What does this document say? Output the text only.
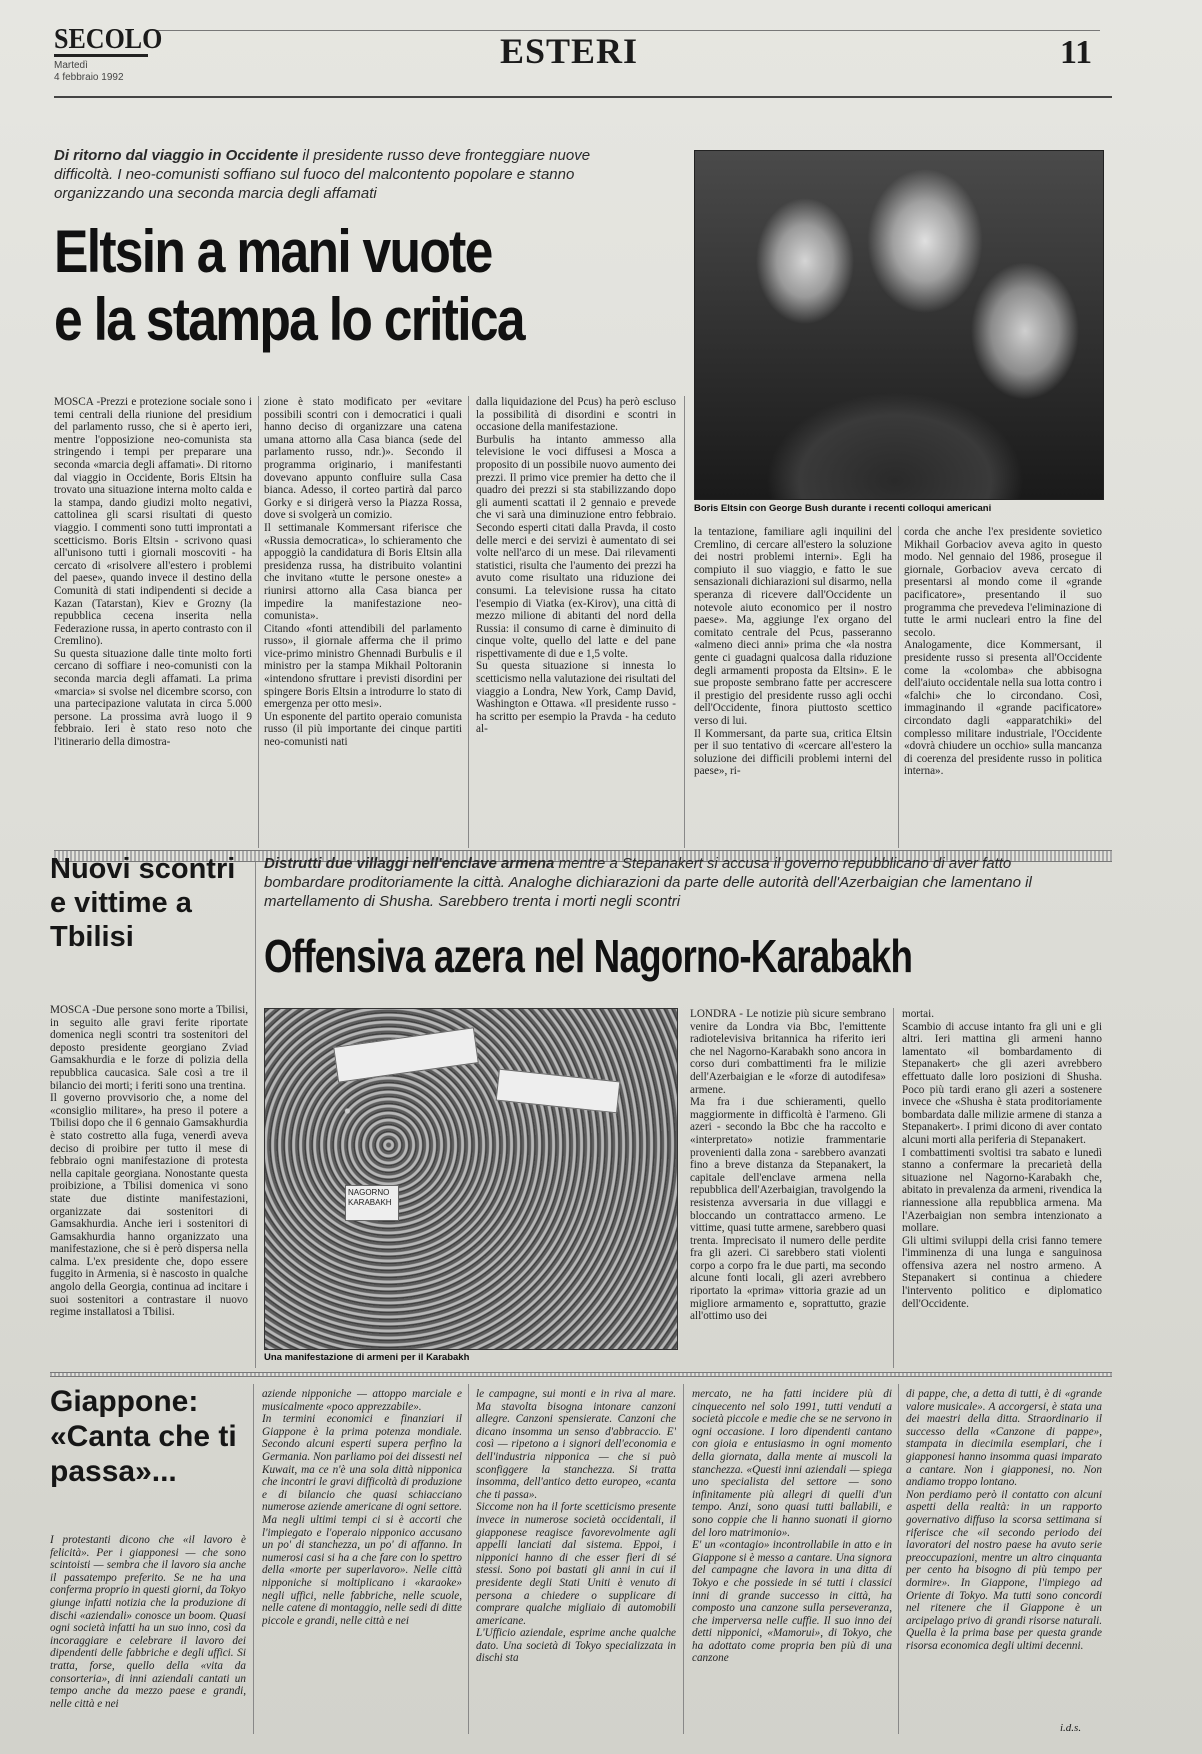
SECOLO
Martedì
4 febbraio 1992
ESTERI	11
Di ritorno dal viaggio in Occidente il presidente russo deve fronteggiare nuove difficoltà. I neo-comunisti soffiano sul fuoco del malcontento popolare e stanno organizzando una seconda marcia degli affamati
Eltsin a mani vuote
e la stampa lo critica
Boris Eltsin con George Bush durante i recenti colloqui americani
MOSCA -Prezzi e protezione sociale sono i temi centrali della riunione del presidium del parlamento russo, che si è aperto ieri, mentre l'opposizione neo-comunista sta stringendo i tempi per preparare una seconda «marcia degli affamati». Di ritorno dal viaggio in Occidente, Boris Eltsin ha trovato una situazione interna molto calda e la stampa, dando giudizi molto negativi, cattolinea gli scarsi risultati di questo viaggio. I commenti sono tutti improntati a scetticismo. Boris Eltsin - scrivono quasi all'unisono tutti i giornali moscoviti - ha cercato di «risolvere all'estero i problemi del paese», quando invece il destino della Comunità di stati indipendenti si decide a Kazan (Tatarstan), Kiev e Grozny (la repubblica cecena inserita nella Federazione russa, in aperto contrasto con il Cremlino).
Su questa situazione dalle tinte molto forti cercano di soffiare i neo-comunisti con la seconda marcia degli affamati. La prima «marcia» si svolse nel dicembre scorso, con una partecipazione valutata in circa 5.000 persone. La prossima avrà luogo il 9 febbraio. Ieri è stato reso noto che l'itinerario della dimostra-
zione è stato modificato per «evitare possibili scontri con i democratici i quali hanno deciso di organizzare una catena umana attorno alla Casa bianca (sede del parlamento russo, ndr.)». Secondo il programma originario, i manifestanti dovevano appunto confluire sulla Casa bianca. Adesso, il corteo partirà dal parco Gorky e si dirigerà verso la Piazza Rossa, dove si svolgerà un comizio.
Il settimanale Kommersant riferisce che «Russia democratica», lo schieramento che appoggiò la candidatura di Boris Eltsin alla presidenza russa, ha distribuito volantini che invitano «tutte le persone oneste» a riunirsi attorno alla Casa bianca per impedire la manifestazione neo-comunista».
Citando «fonti attendibili del parlamento russo», il giornale afferma che il primo vice-primo ministro Ghennadi Burbulis e il ministro per la stampa Mikhail Poltoranin «intendono sfruttare i previsti disordini per spingere Boris Eltsin a introdurre lo stato di emergenza per otto mesi».
Un esponente del partito operaio comunista russo (il più importante dei cinque partiti neo-comunisti nati
dalla liquidazione del Pcus) ha però escluso la possibilità di disordini e scontri in occasione della manifestazione.
Burbulis ha intanto ammesso alla televisione le voci diffusesi a Mosca a proposito di un possibile nuovo aumento dei prezzi. Il primo vice premier ha detto che il quadro dei prezzi si sta stabilizzando dopo gli aumenti scattati il 2 gennaio e prevede che vi sarà una diminuzione entro febbraio. Secondo esperti citati dalla Pravda, il costo delle merci e dei servizi è aumentato di sei volte nell'arco di un mese. Dai rilevamenti statistici, risulta che l'aumento dei prezzi ha avuto come risultato una riduzione dei consumi. La televisione russa ha citato l'esempio di Viatka (ex-Kirov), una città di mezzo milione di abitanti del nord della Russia: il consumo di carne è diminuito di cinque volte, quello del latte e del pane rispettivamente di due e 1,5 volte.
Su questa situazione si innesta lo scetticismo nella valutazione dei risultati del viaggio a Londra, New York, Camp David, Washington e Ottawa. «Il presidente russo - ha scritto per esempio la Pravda - ha ceduto al-
la tentazione, familiare agli inquilini del Cremlino, di cercare all'estero la soluzione dei nostri problemi interni». Egli ha compiuto il suo viaggio, e fatto le sue sensazionali dichiarazioni sul disarmo, nella speranza di ricevere dall'Occidente un notevole aiuto economico per il nostro paese». Ma, aggiunge l'ex organo del comitato centrale del Pcus, passeranno «almeno dieci anni» prima che «la nostra gente ci guadagni qualcosa dalla riduzione degli armamenti proposta da Eltsin». E le sue proposte sembrano fatte per accrescere il prestigio del presidente russo agli occhi dell'Occidente, finora piuttosto scettico verso di lui.
Il Kommersant, da parte sua, critica Eltsin per il suo tentativo di «cercare all'estero la soluzione dei difficili problemi interni del paese», ri-
corda che anche l'ex presidente sovietico Mikhail Gorbaciov aveva agito in questo modo. Nel gennaio del 1986, prosegue il giornale, Gorbaciov aveva cercato di presentarsi al mondo come il «grande pacificatore», presentando il suo programma che prevedeva l'eliminazione di tutte le armi nucleari entro la fine del secolo.
Analogamente, dice Kommersant, il presidente russo si presenta all'Occidente come la «colomba» che abbisogna dell'aiuto occidentale nella sua lotta contro i «falchi» che lo circondano. Così, immaginando il «grande pacificatore» circondato dagli «apparatchiki» del complesso militare industriale, l'Occidente «dovrà chiudere un occhio» sulla mancanza di coerenza del presidente russo in politica interna».
Nuovi scontri e vittime a Tbilisi
MOSCA -Due persone sono morte a Tbilisi, in seguito alle gravi ferite riportate domenica negli scontri tra sostenitori del deposto presidente georgiano Zviad Gamsakhurdia e le forze di polizia della repubblica caucasica. Sale così a tre il bilancio dei morti; i feriti sono una trentina.
Il governo provvisorio che, a nome del «consiglio militare», ha preso il potere a Tbilisi dopo che il 6 gennaio Gamsakhurdia è stato costretto alla fuga, venerdì aveva deciso di proibire per tutto il mese di febbraio ogni manifestazione di protesta nella capitale georgiana. Nonostante questa proibizione, a Tbilisi domenica vi sono state due distinte manifestazioni, organizzate dai sostenitori di Gamsakhurdia. Anche ieri i sostenitori di Gamsakhurdia hanno organizzato una manifestazione, che si è però dispersa nella calma. L'ex presidente che, dopo essere fuggito in Armenia, si è nascosto in qualche angolo della Georgia, continua ad incitare i suoi sostenitori a contrastare il nuovo regime installatosi a Tbilisi.
Distrutti due villaggi nell'enclave armena mentre a Stepanakert si accusa il governo repubblicano di aver fatto bombardare proditoriamente la città. Analoghe dichiarazioni da parte delle autorità dell'Azerbaigian che lamentano il martellamento di Shusha. Sarebbero trenta i morti negli scontri
Offensiva azera nel Nagorno-Karabakh
NAGORNO KARABAKH
Una manifestazione di armeni per il Karabakh
LONDRA - Le notizie più sicure sembrano venire da Londra via Bbc, l'emittente radiotelevisiva britannica ha riferito ieri che nel Nagorno-Karabakh sono ancora in corso duri combattimenti fra le milizie dell'Azerbaigian e le «forze di autodifesa» armene.
Ma fra i due schieramenti, quello maggiormente in difficoltà è l'armeno. Gli azeri - secondo la Bbc che ha raccolto e «interpretato» notizie frammentarie provenienti dalla zona - sarebbero avanzati fino a breve distanza da Stepanakert, la capitale dell'enclave armena nella repubblica dell'Azerbaigian, travolgendo la resistenza avversaria in due villaggi e bloccando un contrattacco armeno. Le vittime, quasi tutte armene, sarebbero quasi trenta. Imprecisato il numero delle perdite fra gli azeri. Ci sarebbero stati violenti corpo a corpo fra le due parti, ma secondo alcune fonti locali, gli azeri avrebbero riportato la «prima» vittoria grazie ad un migliore armamento e, soprattutto, grazie all'ottimo uso dei
mortai.
Scambio di accuse intanto fra gli uni e gli altri. Ieri mattina gli armeni hanno lamentato «il bombardamento di Stepanakert» che gli azeri avrebbero effettuato dalle loro posizioni di Shusha. Poco più tardi erano gli azeri a sostenere invece che «Shusha è stata proditoriamente bombardata dalle milizie armene di stanza a Stepanakert». I primi dicono di aver contato alcuni morti alla periferia di Stepanakert.
I combattimenti svoltisi tra sabato e lunedì stanno a confermare la precarietà della situazione nel Nagorno-Karabakh che, abitato in prevalenza da armeni, rivendica la riannessione alla repubblica armena. Ma l'Azerbaigian non sembra intenzionato a mollare.
Gli ultimi sviluppi della crisi fanno temere l'imminenza di una lunga e sanguinosa offensiva azera nel nostro armeno. A Stepanakert si continua a chiedere l'intervento politico e diplomatico dell'Occidente.
Giappone: «Canta che ti passa»...
I protestanti dicono che «il lavoro è felicità». Per i giapponesi — che sono scintoisti — sembra che il lavoro sia anche il passatempo preferito. Se ne ha una conferma proprio in questi giorni, da Tokyo giunge infatti notizia che la produzione di dischi «aziendali» conosce un boom. Quasi ogni società infatti ha un suo inno, così da incoraggiare e celebrare il lavoro dei dipendenti delle fabbriche e degli uffici. Si tratta, forse, quello della «vita da consorteria», di inni aziendali cantati un tempo anche da mezzo paese e grandi, nelle città e nei
aziende nipponiche — attoppo marciale e musicalmente «poco apprezzabile».
In termini economici e finanziari il Giappone è la prima potenza mondiale. Secondo alcuni esperti supera perfino la Germania. Non parliamo poi dei dissesti nel Kuwait, ma ce n'è una sola dittà nipponica che incontri le gravi difficoltà di produzione e di bilancio che quasi schiacciano numerose aziende americane di ogni settore.
Ma negli ultimi tempi ci si è accorti che l'impiegato e l'operaio nipponico accusano un po' di stanchezza, un po' di affanno. In numerosi casi si ha a che fare con lo spettro della «morte per superlavoro». Nelle città nipponiche si moltiplicano i «karaoke» negli uffici, nelle fabbriche, nelle scuole, nelle catene di montaggio, nelle sedi di ditte piccole e grandi, nelle città e nei
le campagne, sui monti e in riva al mare. Ma stavolta bisogna intonare canzoni allegre. Canzoni spensierate. Canzoni che dicano insomma un senso d'abbraccio. E' così — ripetono a i signori dell'economia e dell'industria nipponica — che si può sconfiggere la stanchezza. Si tratta insomma, dell'antico detto europeo, «canta che ti passa».
Siccome non ha il forte scetticismo presente invece in numerose società occidentali, il giapponese reagisce favorevolmente agli appelli lanciati dal sistema. Eppoi, i nipponici hanno di che esser fieri di sé stessi. Sono poi bastati gli anni in cui il presidente degli Stati Uniti è venuto di persona a chiedere o supplicare di comprare qualche migliaio di automobili americane.
L'Ufficio aziendale, esprime anche qualche dato. Una società di Tokyo specializzata in dischi sta
mercato, ne ha fatti incidere più di cinquecento nel solo 1991, tutti venduti a società piccole e medie che se ne servono in ogni occasione. I loro dipendenti cantano con gioia e entusiasmo in ogni momento della giornata, dalla mente ai muscoli la stanchezza. «Questi inni aziendali — spiega uno specialista del settore — sono infinitamente più allegri di quelli d'un tempo. Anzi, sono quasi tutti ballabili, e sono coppie che li hanno suonati il giorno del loro matrimonio».
E' un «contagio» incontrollabile in atto e in Giappone si è messo a cantare. Una signora del campagne che lavora in una ditta di Tokyo e che possiede in sé tutti i classici inni di grande successo in città, ha composto una canzone sulla perseveranza, che imperversa nelle cuffie. Il suo inno dei detti nipponici, «Mamorui», di Tokyo, che ha adottato come propria ben più di una canzone
di pappe, che, a detta di tutti, è di «grande valore musicale». A accorgersi, è stata una dei maestri della ditta. Straordinario il successo della «Canzone di pappe», stampata in diecimila esemplari, che i giapponesi hanno insomma quasi imparato a cantare. Non i giapponesi, no. Non andiamo troppo lontano.
Non perdiamo però il contatto con alcuni aspetti della realtà: in un rapporto governativo diffuso la scorsa settimana si riferisce che «il secondo periodo dei lavoratori del nostro paese ha avuto serie preoccupazioni, mentre un altro cinquanta per cento ha bisogno di più tempo per dormire». In Giappone, l'impiego ad Oriente di Tokyo. Ma tutti sono concordi nel ritenere che il Giappone è un arcipelago privo di grandi risorse naturali. Quella è la prima base per questa grande risorsa economica degli ultimi decenni.
i.d.s.
